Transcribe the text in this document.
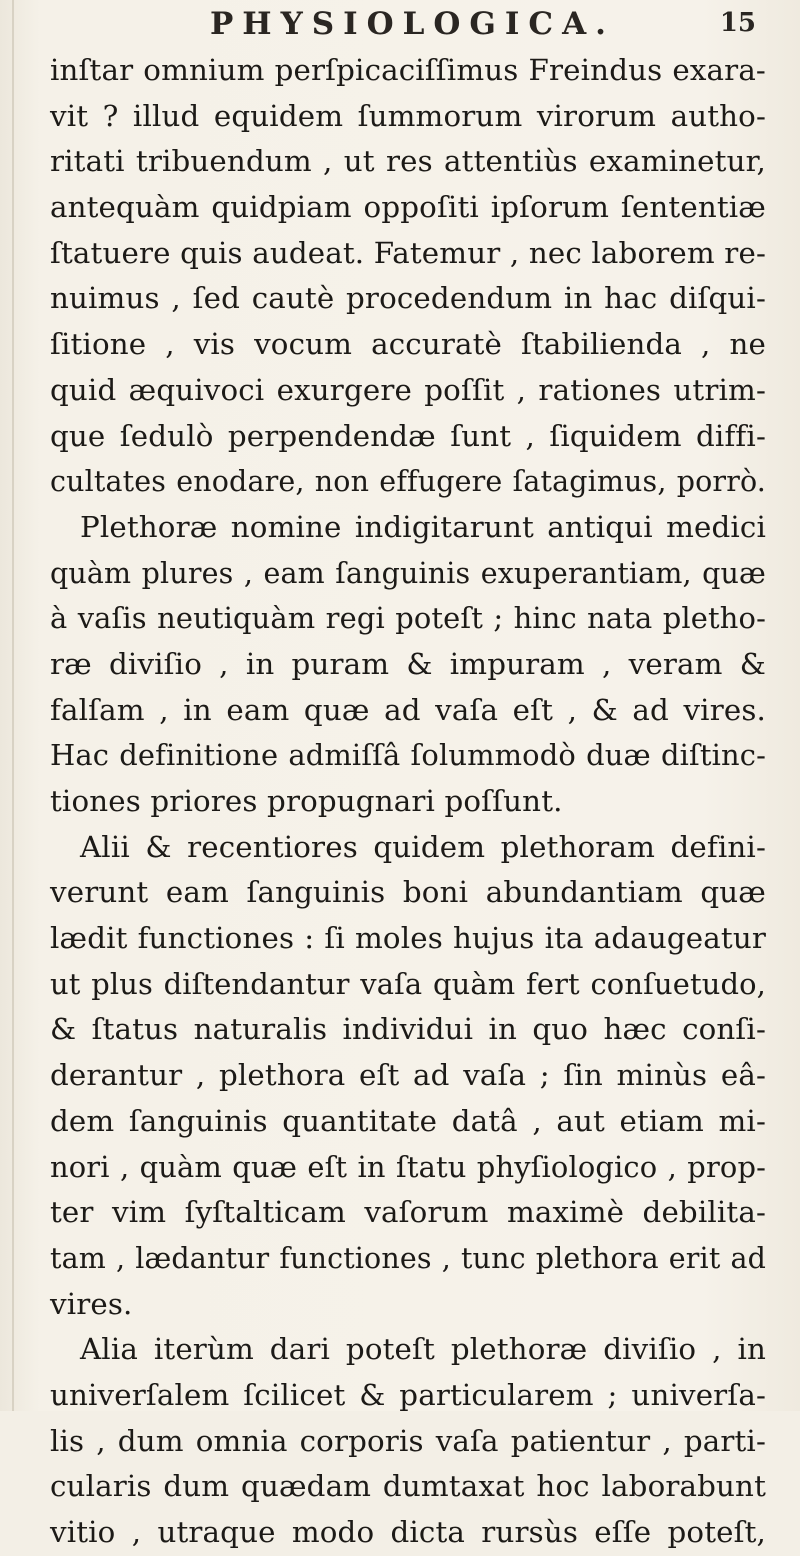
PHYSIOLOGICA.	15
inſtar omnium perſpicaciſſimus Freindus exara-
vit ? illud equidem ſummorum virorum autho-
ritati tribuendum , ut res attentiùs examinetur,
antequàm quidpiam oppoſiti ipſorum ſententiæ
ſtatuere quis audeat. Fatemur , nec laborem re-
nuimus , ſed cautè procedendum in hac diſqui-
ſitione , vis vocum accuratè ſtabilienda , ne
quid æquivoci exurgere poſſit , rationes utrim-
que ſedulò perpendendæ ſunt , ſiquidem diffi-
cultates enodare, non effugere ſatagimus, porrò.
Plethoræ nomine indigitarunt antiqui medici
quàm plures , eam ſanguinis exuperantiam, quæ
à vaſis neutiquàm regi poteſt ; hinc nata pletho-
ræ diviſio , in puram & impuram , veram &
falſam , in eam quæ ad vaſa eſt , & ad vires.
Hac definitione admiſſâ ſolummodò duæ diſtinc-
tiones priores propugnari poſſunt.
Alii & recentiores quidem plethoram defini-
verunt eam ſanguinis boni abundantiam quæ
lædit functiones : ſi moles hujus ita adaugeatur
ut plus diſtendantur vaſa quàm fert conſuetudo,
& ſtatus naturalis individui in quo hæc conſi-
derantur , plethora eſt ad vaſa ; ſin minùs eâ-
dem ſanguinis quantitate datâ , aut etiam mi-
nori , quàm quæ eſt in ſtatu phyſiologico , prop-
ter vim ſyſtalticam vaſorum maximè debilita-
tam , lædantur functiones , tunc plethora erit ad
vires.
Alia iterùm dari poteſt plethoræ diviſio , in
univerſalem ſcilicet & particularem ; univerſa-
lis , dum omnia corporis vaſa patientur , parti-
cularis dum quædam dumtaxat hoc laborabunt
vitio , utraque modo dicta rursùs eſſe poteſt,
